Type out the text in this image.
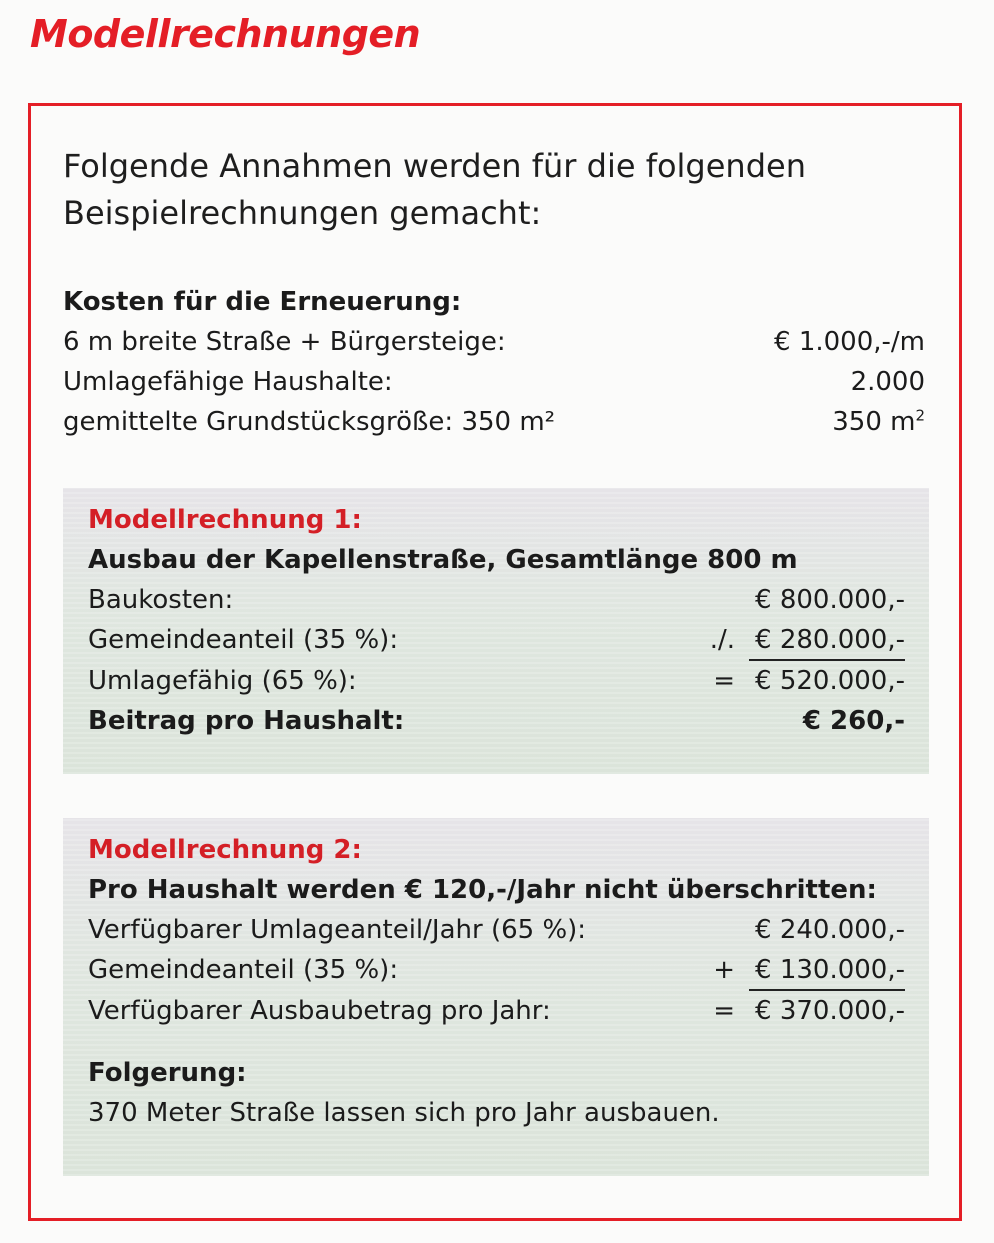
Modellrechnungen

Folgende Annahmen werden für die folgenden Beispielrechnungen gemacht:

Kosten für die Erneuerung:
6 m breite Straße + Bürgersteige:	€ 1.000,-/m
Umlagefähige Haushalte:	2.000
gemittelte Grundstücksgröße: 350 m²	350 $m^2$
Modellrechnung 1:
Ausbau der Kapellenstraße, Gesamtlänge 800 m
Baukosten:	€ 800.000,-
Gemeindeanteil (35 %):	./. € 280.000,-
Umlagefähig (65 %):	= € 520.000,-
Beitrag pro Haushalt:	€ 260,-
Modellrechnung 2:
Pro Haushalt werden € 120,-/Jahr nicht überschritten:
Verfügbarer Umlageanteil/Jahr (65 %):	€ 240.000,-
Gemeindeanteil (35 %):	+ € 130.000,-
Verfügbarer Ausbaubetrag pro Jahr:	= € 370.000,-
Folgerung:
370 Meter Straße lassen sich pro Jahr ausbauen.
